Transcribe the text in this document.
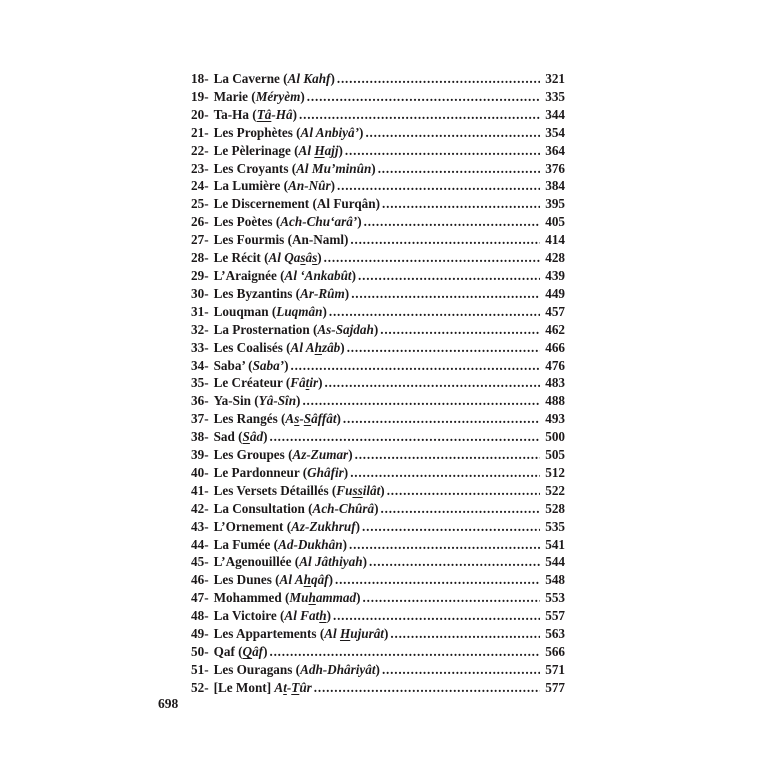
18- La Caverne (Al Kahf) .....	321
19- Marie (Méryèm) .....	335
20- Ta-Ha (Tâ-Hâ) .....	344
21- Les Prophètes (Al Anbiyâ’) .....	354
22- Le Pèlerinage (Al Hajj) .....	364
23- Les Croyants (Al Mu’minûn) .....	376
24- La Lumière (An-Nûr) .....	384
25- Le Discernement (Al Furqân) .....	395
26- Les Poètes (Ach-Chu‘arâ’) .....	405
27- Les Fourmis (An-Naml) .....	414
28- Le Récit (Al Qasâs) .....	428
29- L’Araignée (Al ‘Ankabût) .....	439
30- Les Byzantins (Ar-Rûm) .....	449
31- Louqman (Luqmân) .....	457
32- La Prosternation (As-Sajdah) .....	462
33- Les Coalisés (Al Ahzâb) .....	466
34- Saba’ (Saba’) .....	476
35- Le Créateur (Fâtir) .....	483
36- Ya-Sin (Yâ-Sîn) .....	488
37- Les Rangés (As-Sâffât) .....	493
38- Sad (Sâd) .....	500
39- Les Groupes (Az-Zumar) .....	505
40- Le Pardonneur (Ghâfir) .....	512
41- Les Versets Détaillés (Fussilât) .....	522
42- La Consultation (Ach-Chûrâ) .....	528
43- L’Ornement (Az-Zukhruf) .....	535
44- La Fumée (Ad-Dukhân) .....	541
45- L’Agenouillée (Al Jâthiyah) .....	544
46- Les Dunes (Al Ahqâf) .....	548
47- Mohammed (Muhammad) .....	553
48- La Victoire (Al Fath) .....	557
49- Les Appartements (Al Hujurât) .....	563
50- Qaf (Qâf) .....	566
51- Les Ouragans (Adh-Dhâriyât) .....	571
52- [Le Mont] At-Tûr .....	577
698
